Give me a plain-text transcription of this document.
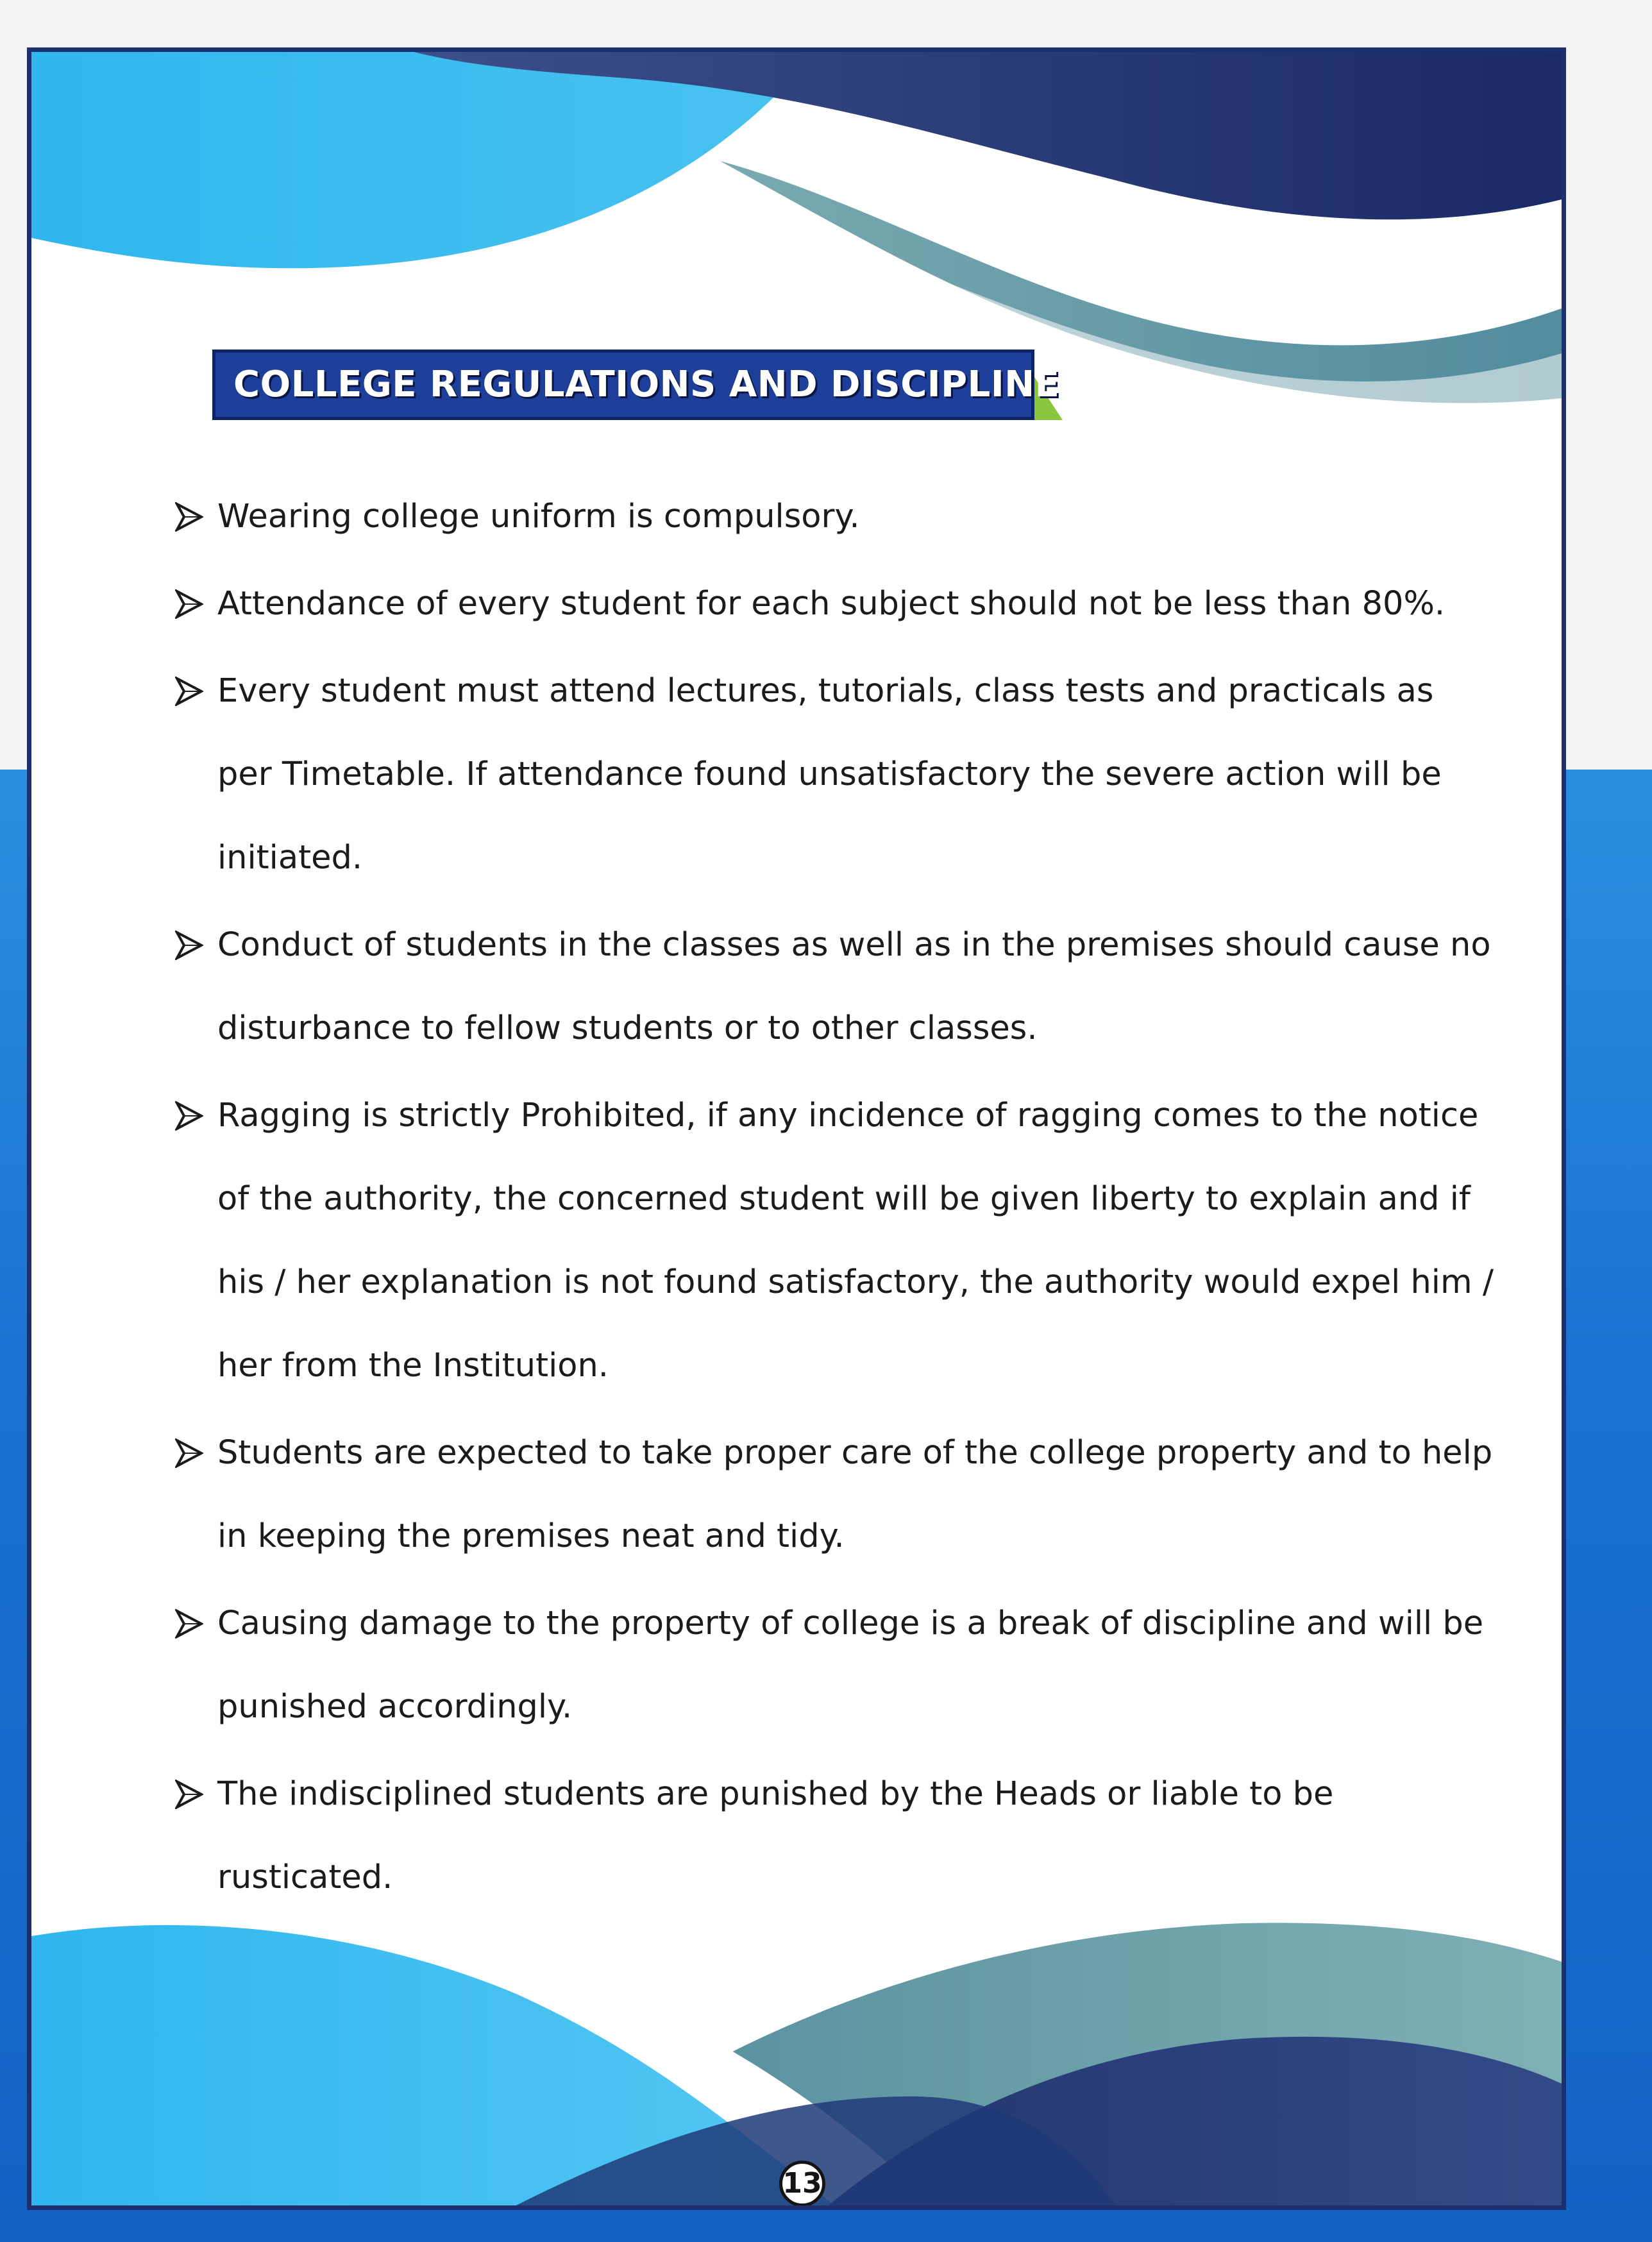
COLLEGE REGULATIONS AND DISCIPLINE
Wearing college uniform is compulsory.
Attendance of every student for each subject should not be less than 80%.
Every student must attend lectures, tutorials, class tests and practicals as per Timetable. If attendance found unsatisfactory the severe action will be initiated.
Conduct of students in the classes as well as in the premises should cause no disturbance to fellow students or to other classes.
Ragging is strictly Prohibited, if any incidence of ragging comes to the notice of the authority, the concerned student will be given liberty to explain and if his / her explanation is not found satisfactory, the authority would expel him / her from the Institution.
Students are expected to take proper care of the college property and to help in keeping the premises neat and tidy.
Causing damage to the property of college is a break of discipline and will be punished accordingly.
The indisciplined students are punished by the Heads or liable to be rusticated.
13
